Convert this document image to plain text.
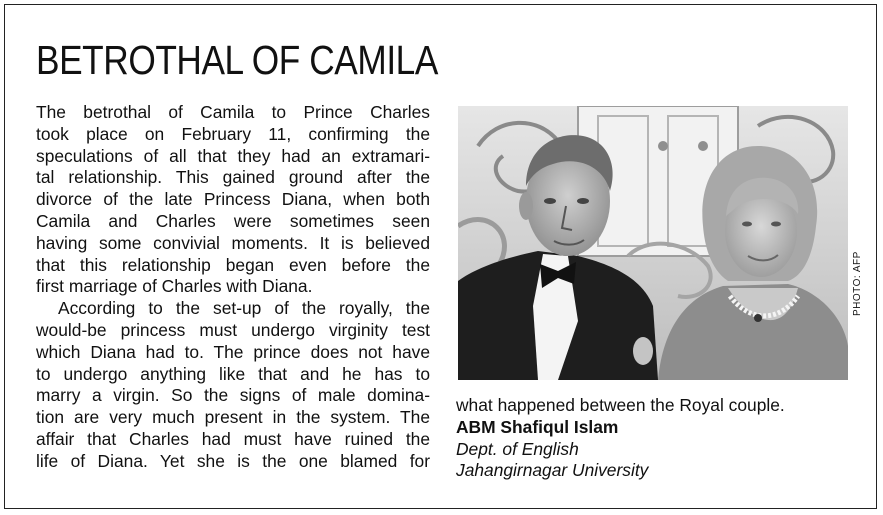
BETROTHAL OF CAMILA

The betrothal of Camila to Prince Charles
took place on February 11, confirming the
speculations of all that they had an extramari-
tal relationship. This gained ground after the
divorce of the late Princess Diana, when both
Camila and Charles were sometimes seen
having some convivial moments. It is believed
that this relationship began even before the
first marriage of Charles with Diana.

According to the set-up of the royally, the
would-be princess must undergo virginity test
which Diana had to. The prince does not have
to undergo anything like that and he has to
marry a virgin. So the signs of male domina-
tion are very much present in the system. The
affair that Charles had must have ruined the
life of Diana. Yet she is the one blamed for

PHOTO: AFP
what happened between the Royal couple.
ABM Shafiqul Islam
Dept. of English
Jahangirnagar University
